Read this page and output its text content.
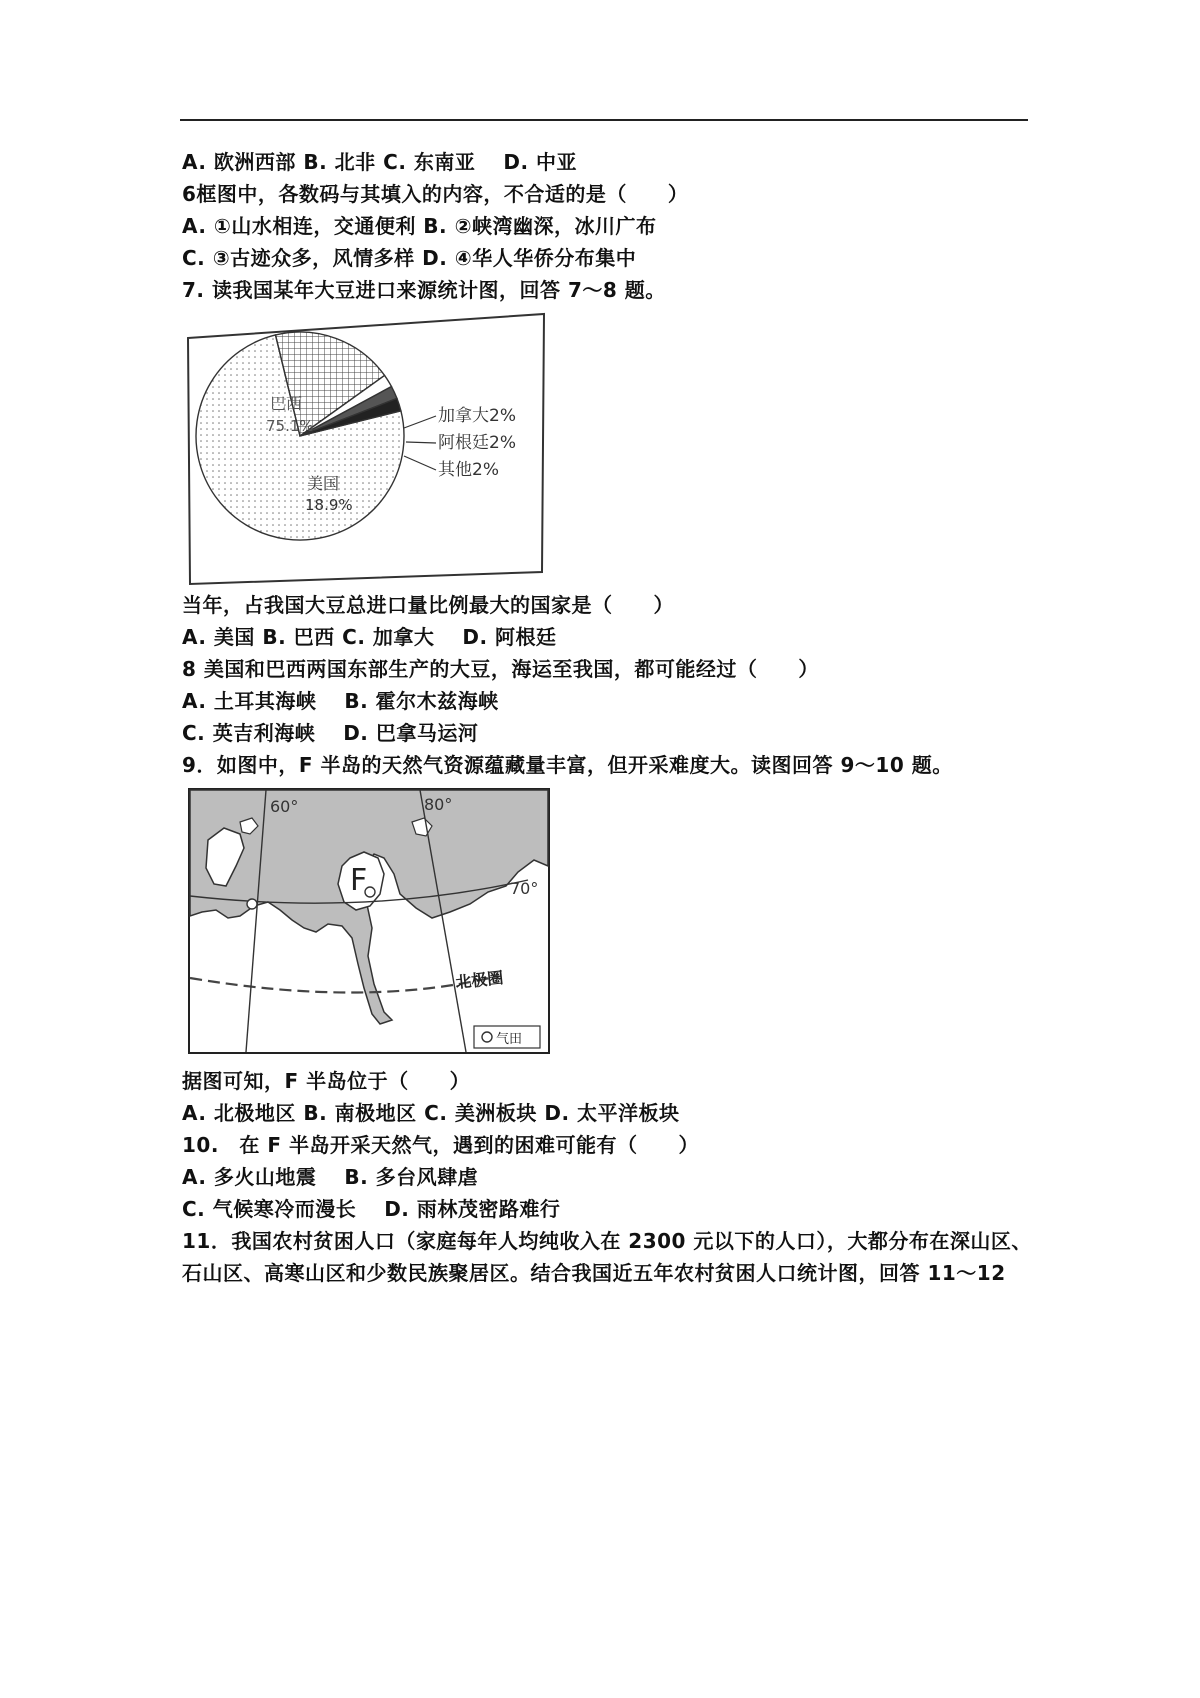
A. 欧洲西部 B. 北非 C. 东南亚　 D. 中亚
6框图中，各数码与其填入的内容，不合适的是（　　）
A. ①山水相连，交通便利 B. ②峡湾幽深，冰川广布
C. ③古迹众多，风情多样 D. ④华人华侨分布集中
7. 读我国某年大豆进口来源统计图，回答 7～8 题。
巴西
75.1%
美国
18.9%
加拿大2%
阿根廷2%
其他2%
当年，占我国大豆总进口量比例最大的国家是（　　）
A. 美国 B. 巴西 C. 加拿大　 D. 阿根廷
8 美国和巴西两国东部生产的大豆，海运至我国，都可能经过（　　）
A. 土耳其海峡　 B. 霍尔木兹海峡
C. 英吉利海峡　 D. 巴拿马运河
9．如图中，F 半岛的天然气资源蕴藏量丰富，但开采难度大。读图回答 9～10 题。
60°	80°
70°
F
北极圈
气田
据图可知，F 半岛位于（　　）
A. 北极地区 B. 南极地区 C. 美洲板块 D. 太平洋板块
10.　在 F 半岛开采天然气，遇到的困难可能有（　　）
A. 多火山地震　 B. 多台风肆虐
C. 气候寒冷而漫长　 D. 雨林茂密路难行
11．我国农村贫困人口（家庭每年人均纯收入在 2300 元以下的人口），大都分布在深山区、
石山区、高寒山区和少数民族聚居区。结合我国近五年农村贫困人口统计图，回答 11～12
